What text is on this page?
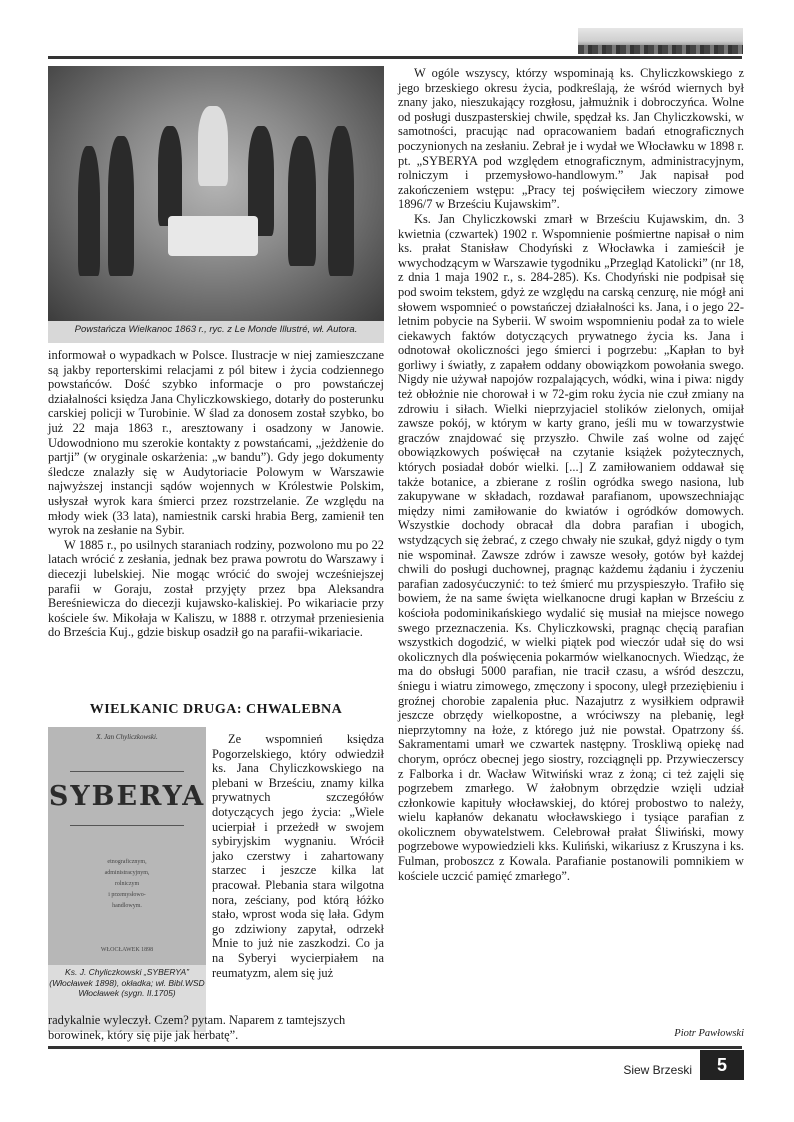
Powstańcza Wielkanoc 1863 r., ryc. z Le Monde Illustré, wł. Autora.

informował o wypadkach w Polsce. Ilustracje w niej zamieszczane są jakby reporterskimi relacjami z pól bitew i życia codziennego powstańców. Dość szybko informacje o pro powstańczej działalności księdza Jana Chyliczkowskiego, dotarły do posterunku carskiej policji w Turobinie. W ślad za donosem został szybko, bo już 22 maja 1863 r., aresztowany i osadzony w Janowie. Udowodniono mu szerokie kontakty z powstańcami, „jeżdżenie do partji” (w oryginale oskarżenia: „w bandu”). Gdy jego dokumenty śledcze znalazły się w Audytoriacie Polowym w Warszawie najwyższej instancji sądów wojennych w Królestwie Polskim, usłyszał wyrok kara śmierci przez rozstrzelanie. Ze względu na młody wiek (33 lata), namiestnik carski hrabia Berg, zamienił ten wyrok na zesłanie na Sybir.

W 1885 r., po usilnych staraniach rodziny, pozwolono mu po 22 latach wrócić z zesłania, jednak bez prawa powrotu do Warszawy i diecezji lubelskiej. Nie mogąc wrócić do swojej wcześniejszej parafii w Goraju, został przyjęty przez bpa Aleksandra Bereśniewicza do diecezji kujawsko-kaliskiej. Po wikariacie przy kościele św. Mikołaja w Kaliszu, w 1888 r. otrzymał przeniesienia do Brześcia Kuj., gdzie biskup osadził go na parafii-wikariacie.

WIELKANIC DRUGA: CHWALEBNA
X. Jan Chyliczkowski.
SYBERYA
etnograficznym,
administracyjnym,
rolniczym
i przemysłowo-
handlowym.
WŁOCŁAWEK 1898
Ks. J. Chyliczkowski „SYBERYA” (Włocławek 1898), okładka; wł. Bibl.WSD Włocławek (sygn. II.1705)

Ze wspomnień księdza Pogorzelskiego, który odwiedził ks. Jana Chyliczkowskiego na plebani w Brześciu, znamy kilka prywatnych szczegółów dotyczących jego życia: „Wiele ucierpiał i przeżedł w swojem sybiryjskim wygnaniu. Wrócił jako czerstwy i zahartowany starzec i jeszcze kilka lat pracował. Plebania stara wilgotna nora, ześciany, pod którą łóżko stało, wprost woda się lała. Gdym go zdziwiony zapytał, odrzekł Mnie to już nie zaszkodzi. Co ja na Syberyi wycierpiałem na reumatyzm, alem się już

radykalnie wyleczył. Czem? pytam. Naparem z tamtejszych borowinek, który się pije jak herbatę”.

W ogóle wszyscy, którzy wspominają ks. Chyliczkowskiego z jego brzeskiego okresu życia, podkreślają, że wśród wiernych był znany jako, nieszukający rozgłosu, jałmużnik i dobroczyńca. Wolne od posługi duszpasterskiej chwile, spędzał ks. Jan Chyliczkowski, w samotności, pracując nad opracowaniem badań etnograficznych poczynionych na zesłaniu. Zebrał je i wydał we Włocławku w 1898 r. pt. „SYBERYA pod względem etnograficznym, administracyjnym, rolniczym i przemysłowo-handlowym.” Jak napisał pod zakończeniem wstępu: „Pracy tej poświęciłem wieczory zimowe 1896/7 w Brześciu Kujawskim”.

Ks. Jan Chyliczkowski zmarł w Brześciu Kujawskim, dn. 3 kwietnia (czwartek) 1902 r. Wspomnienie pośmiertne napisał o nim ks. prałat Stanisław Chodyński z Włocławka i zamieścił je wwychodzącym w Warszawie tygodniku „Przegląd Katolicki” (nr 18, z dnia 1 maja 1902 r., s. 284-285). Ks. Chodyński nie podpisał się pod swoim tekstem, gdyż ze względu na carską cenzurę, nie mógł ani słowem wspomnieć o powstańczej działalności ks. Jana, i o jego 22-letnim pobycie na Syberii. W swoim wspomnieniu podał za to wiele ciekawych faktów dotyczących prywatnego życia ks. Jana i odnotował okoliczności jego śmierci i pogrzebu: „Kapłan to był gorliwy i światły, z zapałem oddany obowiązkom powołania swego. Nigdy nie używał napojów rozpalających, wódki, wina i piwa: nigdy też obłożnie nie chorował i w 72-gim roku życia nie czuł zmiany na zdrowiu i siłach. Wielki nieprzyjaciel stolików zielonych, omijał zawsze pokój, w którym w karty grano, jeśli mu w towarzystwie graczów znajdować się przyszło. Chwile zaś wolne od zajęć obowiązkowych poświęcał na czytanie książek pożytecznych, których posiadał dobór wielki. [...] Z zamiłowaniem oddawał się także botanice, a zbierane z roślin ogródka swego nasiona, lub zakupywane w składach, rozdawał parafianom, upowszechniając między nimi zamiłowanie do kwiatów i ogródków domowych. Wszystkie dochody obracał dla dobra parafian i ubogich, wstydzących się żebrać, z czego chwały nie szukał, gdyż nigdy o tym nie wspominał. Zawsze zdrów i zawsze wesoły, gotów był każdej chwili do posługi duchownej, pragnąc każdemu żądaniu i życzeniu parafian zadosyćuczynić: to też śmierć mu przyspieszyło. Trafiło się bowiem, że na same święta wielkanocne drugi kapłan w Brześciu z kościoła podominikańskiego wydalić się musiał na miejsce nowego swego przeznaczenia. Ks. Chyliczkowski, pragnąc chęcią parafian wszystkich dogodzić, w wielki piątek pod wieczór udał się do wsi okolicznych dla poświęcenia pokarmów wielkanocnych. Wiedząc, że ma do obsługi 5000 parafian, nie tracił czasu, a wśród deszczu, śniegu i wiatru zimowego, zmęczony i spocony, uległ przeziębieniu i groźnej chorobie zapalenia płuc. Nazajutrz z wysiłkiem odprawił jeszcze obrzędy wielkopostne, a wróciwszy na plebanię, legł nieprzytomny na łoże, z którego już nie powstał. Opatrzony śś. Sakramentami umarł we czwartek następny. Troskliwą opiekę nad chorym, oprócz obecnej jego siostry, rozciągnęli pp. Przywieczerscy z Falborka i dr. Wacław Witwiński wraz z żoną; ci też zajęli się pogrzebem zmarłego. W żałobnym obrzędzie wzięli udział członkowie kapituły włocławskiej, do której probostwo to należy, wielu kapłanów dekanatu włocławskiego i tysiące parafian z okolicznem obywatelstwem. Celebrował prałat Śliwiński, mowy pogrzebowe wypowiedzieli kks. Kuliński, wikariusz z Kruszyna i ks. Fulman, proboszcz z Kowala. Parafianie postanowili pomnikiem w kościele uczcić pamięć zmarłego”.

Piotr Pawłowski
Siew Brzeski	5
